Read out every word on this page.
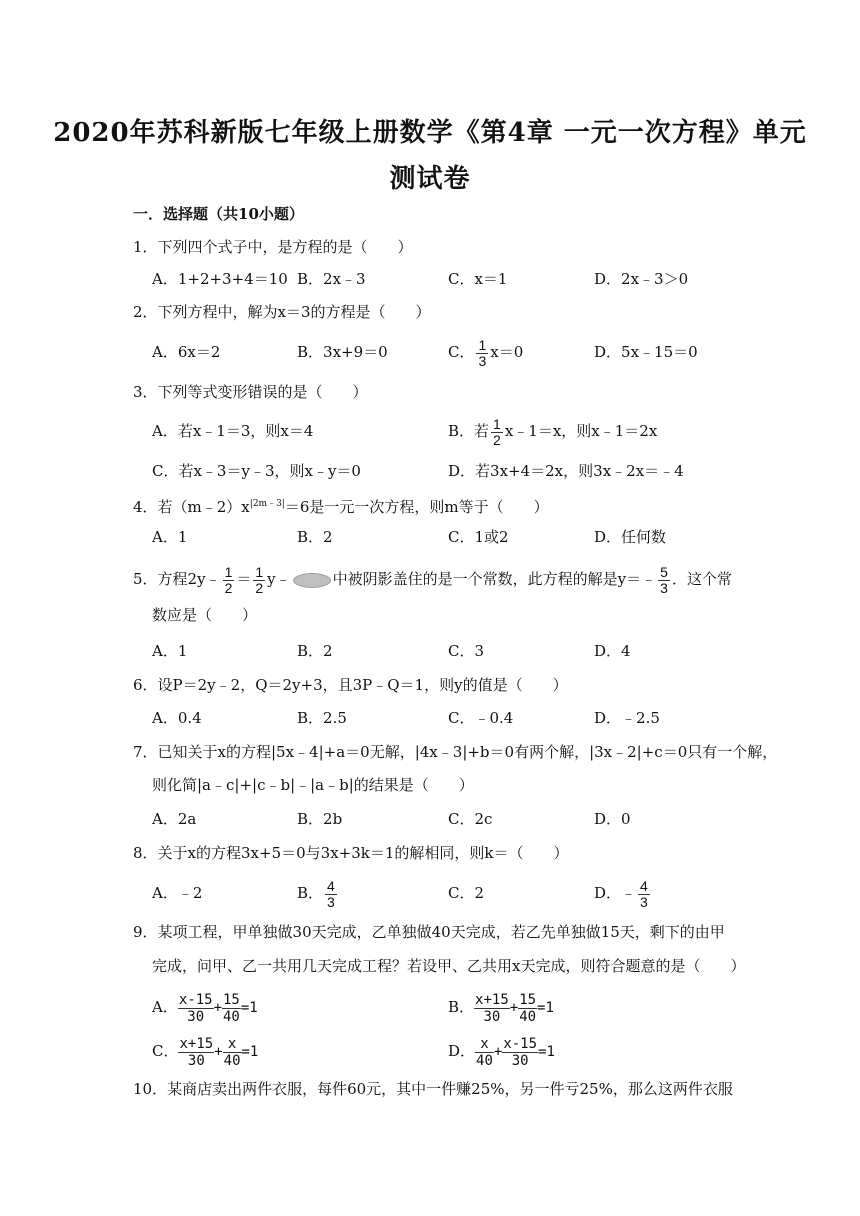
2020年苏科新版七年级上册数学《第4章 一元一次方程》单元
测试卷
一．选择题（共10小题）
1．下列四个式子中，是方程的是（　　）
A．1+2+3+4＝10 B．2x﹣3	C．x＝1	D．2x﹣3＞0
2．下列方程中，解为x＝3的方程是（　　）
A．6x＝2	B．3x+9＝0	C． $\frac{1}{3} x=0$	D．5x﹣15＝0
3．下列等式变形错误的是（　　）
A．若x﹣1＝3，则x＝4	B．若 $\frac{1}{2}$ x﹣1＝x，则x﹣1＝2x
C．若x﹣3＝y﹣3，则x﹣y＝0	D．若3x+4＝2x，则3x﹣2x＝﹣4
4．若$(m﹣2)x^{|2m﹣3|}=6$是一元一次方程，则m等于（　　）
A．1	B．2	C．1或2	D．任何数
5．方程2y﹣ $\frac{1}{2} = \frac{1}{2}$ y﹣	中被阴影盖住的是一个常数，此方程的解是y＝﹣ $\frac{5}{3}$ ．这个常
数应是（　　）
A．1	B．2	C．3	D．4
6．设P＝2y﹣2，Q＝2y+3，且3P﹣Q＝1，则y的值是（　　）
A．0.4	B．2.5	C．﹣0.4	D．﹣2.5
7．已知关于x的方程|5x﹣4|+a＝0无解，|4x﹣3|+b＝0有两个解，|3x﹣2|+c＝0只有一个解，
则化简|a﹣c|+|c﹣b|﹣|a﹣b|的结果是（　　）
A．2a	B．2b	C．2c	D．0
8．关于x的方程3x+5＝0与3x+3k＝1的解相同，则k＝（　　）
A．﹣2	B． $\frac{4}{3}$	C．2	D．﹣ $\frac{4}{3}$
9．某项工程，甲单独做30天完成，乙单独做40天完成，若乙先单独做15天，剩下的由甲
完成，问甲、乙一共用几天完成工程？若设甲、乙共用x天完成，则符合题意的是（　　）
A． $\frac{x-15}{30} + \frac{15}{40} =1$	B． $\frac{x+15}{30} + \frac{15}{40} =1$
C． $\frac{x+15}{30} + \frac{x}{40} =1$	D． $\frac{x}{40} + \frac{x-15}{30} =1$
10．某商店卖出两件衣服，每件60元，其中一件赚25%，另一件亏25%，那么这两件衣服
